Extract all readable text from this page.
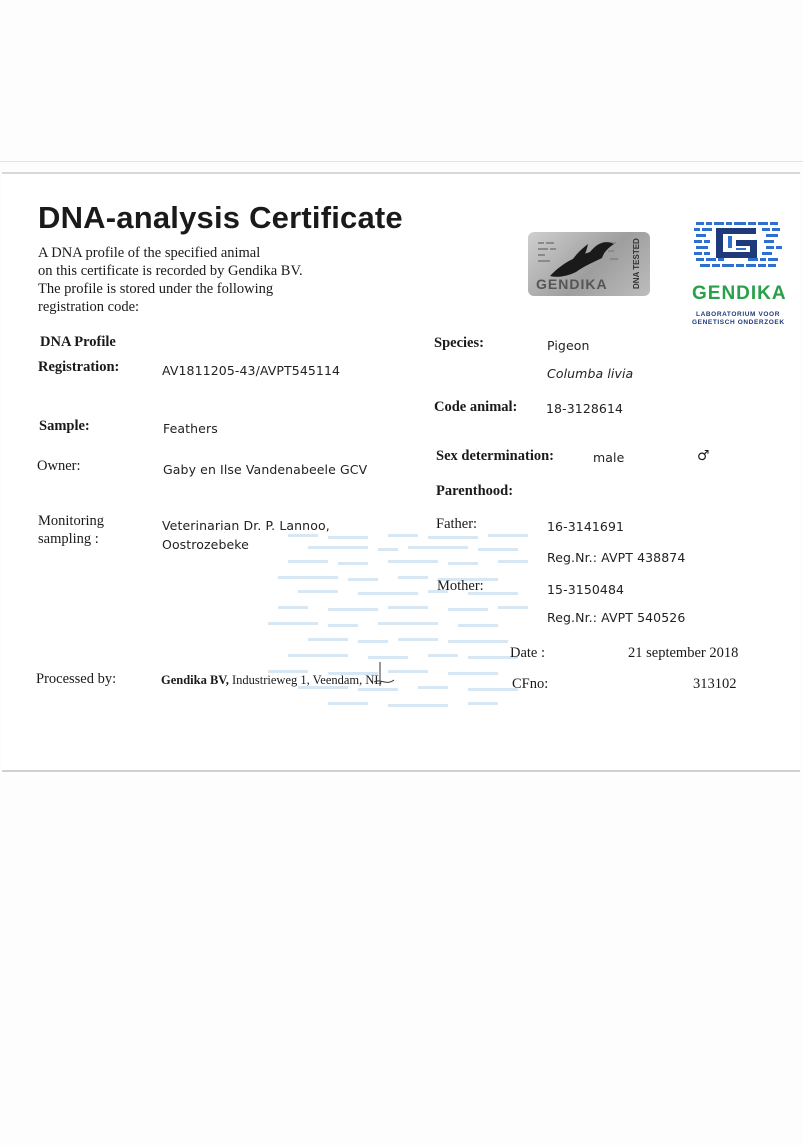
DNA-analysis Certificate
A DNA profile of the specified animal
on this certificate is recorded by Gendika BV.
The profile is stored under the following
registration code:
GENDIKA	DNA TESTED
GENDIKA
LABORATORIUM VOOR
GENETISCH ONDERZOEK
DNA Profile
Registration:	AV1811205-43/AVPT545114
Sample:	Feathers
Owner:	Gaby en Ilse Vandenabeele GCV
Monitoring
sampling :
Veterinarian Dr. P. Lannoo,
Oostrozebeke
Processed by:	Gendika BV, Industrieweg 1, Veendam, NL
Species:	Pigeon
Columba livia
Code animal: 18-3128614
Sex determination:	male	♂
Parenthood:
Father:	16-3141691
Reg.Nr.: AVPT 438874
Mother:	15-3150484
Reg.Nr.: AVPT 540526
Date :	21 september 2018
CFno:	313102
